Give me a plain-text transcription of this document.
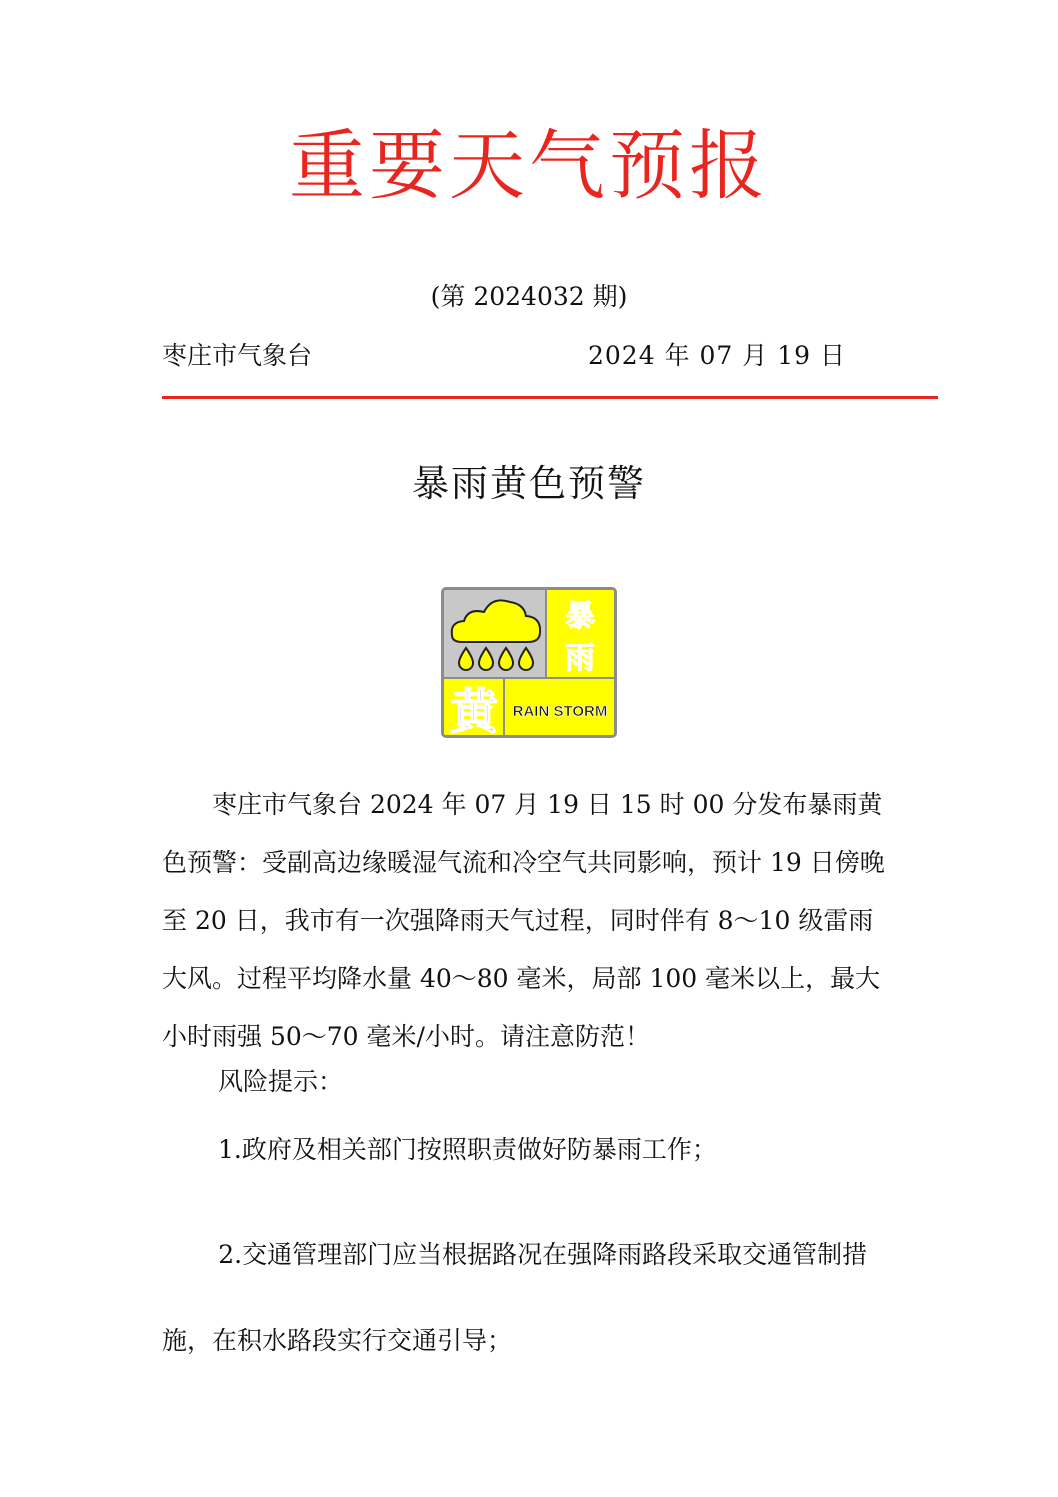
重要天气预报
(第 2024032 期)
枣庄市气象台	2024 年 07 月 19 日
暴雨黄色预警
暴
雨
黄 RAIN STORM
枣庄市气象台 2024 年 07 月 19 日 15 时 00 分发布暴雨黄色预警：受副高边缘暖湿气流和冷空气共同影响，预计 19 日傍晚至 20 日，我市有一次强降雨天气过程，同时伴有 8～10 级雷雨大风。过程平均降水量 40～80 毫米，局部 100 毫米以上，最大小时雨强 50～70 毫米/小时。请注意防范！
风险提示：
1.政府及相关部门按照职责做好防暴雨工作；
2.交通管理部门应当根据路况在强降雨路段采取交通管制措施，在积水路段实行交通引导；
